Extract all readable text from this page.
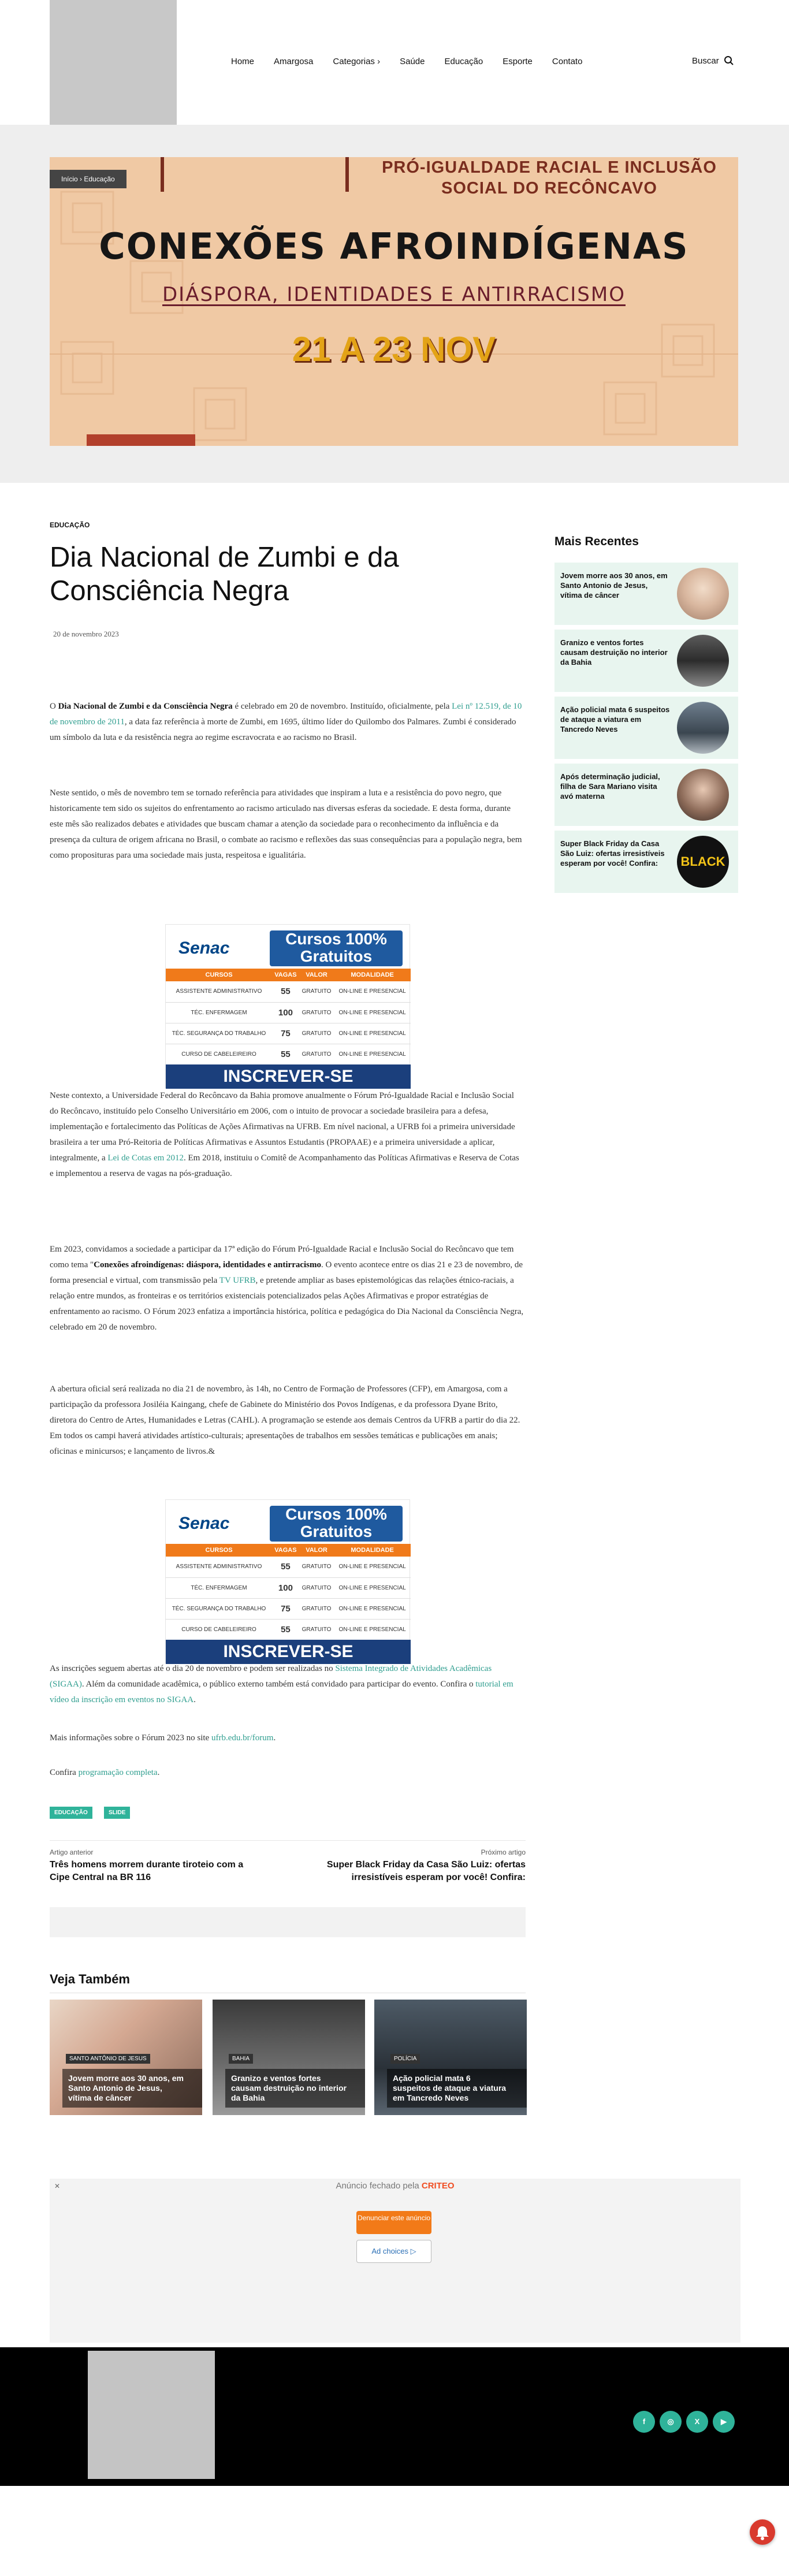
Home Amargosa Categorias › Saúde Educação Esporte Contato	Buscar
PRÓ-IGUALDADE RACIAL E INCLUSÃO SOCIAL DO RECÔNCAVO
CONEXÕES AFROINDÍGENAS
DIÁSPORA, IDENTIDADES E ANTIRRACISMO
21 A 23 NOV
Início › Educação
EDUCAÇÃO
Dia Nacional de Zumbi e da Consciência Negra
20 de novembro 2023

O Dia Nacional de Zumbi e da Consciência Negra é celebrado em 20 de novembro. Instituído, oficialmente, pela Lei nº 12.519, de 10 de novembro de 2011, a data faz referência à morte de Zumbi, em 1695, último líder do Quilombo dos Palmares. Zumbi é considerado um símbolo da luta e da resistência negra ao regime escravocrata e ao racismo no Brasil.

Neste sentido, o mês de novembro tem se tornado referência para atividades que inspiram a luta e a resistência do povo negro, que historicamente tem sido os sujeitos do enfrentamento ao racismo articulado nas diversas esferas da sociedade. E desta forma, durante este mês são realizados debates e atividades que buscam chamar a atenção da sociedade para o reconhecimento da influência e da presença da cultura de origem africana no Brasil, o combate ao racismo e reflexões das suas consequências para a população negra, bem como proposituras para uma sociedade mais justa, respeitosa e igualitária.

Senac	Cursos 100% Gratuitos
CURSOS	VAGAS	VALOR	MODALIDADE
ASSISTENTE ADMINISTRATIVO	55	GRATUITO	ON-LINE E PRESENCIAL
TÉC. ENFERMAGEM	100	GRATUITO	ON-LINE E PRESENCIAL
TÉC. SEGURANÇA DO TRABALHO	75	GRATUITO	ON-LINE E PRESENCIAL
CURSO DE CABELEIREIRO	55	GRATUITO	ON-LINE E PRESENCIAL
INSCREVER-SE

Neste contexto, a Universidade Federal do Recôncavo da Bahia promove anualmente o Fórum Pró-Igualdade Racial e Inclusão Social do Recôncavo, instituído pelo Conselho Universitário em 2006, com o intuito de provocar a sociedade brasileira para a defesa, implementação e fortalecimento das Políticas de Ações Afirmativas na UFRB. Em nível nacional, a UFRB foi a primeira universidade brasileira a ter uma Pró-Reitoria de Políticas Afirmativas e Assuntos Estudantis (PROPAAE) e a primeira universidade a aplicar, integralmente, a Lei de Cotas em 2012. Em 2018, instituiu o Comitê de Acompanhamento das Políticas Afirmativas e Reserva de Cotas e implementou a reserva de vagas na pós-graduação.

Em 2023, convidamos a sociedade a participar da 17ª edição do Fórum Pró-Igualdade Racial e Inclusão Social do Recôncavo que tem como tema "Conexões afroindígenas: diáspora, identidades e antirracismo. O evento acontece entre os dias 21 e 23 de novembro, de forma presencial e virtual, com transmissão pela TV UFRB, e pretende ampliar as bases epistemológicas das relações étnico-raciais, a relação entre mundos, as fronteiras e os territórios existenciais potencializados pelas Ações Afirmativas e propor estratégias de enfrentamento ao racismo. O Fórum 2023 enfatiza a importância histórica, política e pedagógica do Dia Nacional da Consciência Negra, celebrado em 20 de novembro.

A abertura oficial será realizada no dia 21 de novembro, às 14h, no Centro de Formação de Professores (CFP), em Amargosa, com a participação da professora Josiléia Kaingang, chefe de Gabinete do Ministério dos Povos Indígenas, e da professora Dyane Brito, diretora do Centro de Artes, Humanidades e Letras (CAHL). A programação se estende aos demais Centros da UFRB a partir do dia 22. Em todos os campi haverá atividades artístico-culturais; apresentações de trabalhos em sessões temáticas e publicações em anais; oficinas e minicursos; e lançamento de livros.&

Senac	Cursos 100% Gratuitos
CURSOS	VAGAS	VALOR	MODALIDADE
ASSISTENTE ADMINISTRATIVO	55	GRATUITO	ON-LINE E PRESENCIAL
TÉC. ENFERMAGEM	100	GRATUITO	ON-LINE E PRESENCIAL
TÉC. SEGURANÇA DO TRABALHO	75	GRATUITO	ON-LINE E PRESENCIAL
CURSO DE CABELEIREIRO	55	GRATUITO	ON-LINE E PRESENCIAL
INSCREVER-SE

As inscrições seguem abertas até o dia 20 de novembro e podem ser realizadas no Sistema Integrado de Atividades Acadêmicas (SIGAA). Além da comunidade acadêmica, o público externo também está convidado para participar do evento. Confira o tutorial em vídeo da inscrição em eventos no SIGAA.

Mais informações sobre o Fórum 2023 no site ufrb.edu.br/forum.

Confira programação completa.

EDUCAÇÃO	SLIDE
Artigo anterior
Três homens morrem durante tiroteio com a Cipe Central na BR 116
Próximo artigo
Super Black Friday da Casa São Luiz: ofertas irresistíveis esperam por você! Confira:
Veja Também
SANTO ANTÔNIO DE JESUS
Jovem morre aos 30 anos, em Santo Antonio de Jesus, vítima de câncer
BAHIA
Granizo e ventos fortes causam destruição no interior da Bahia
POLÍCIA
Ação policial mata 6 suspeitos de ataque a viatura em Tancredo Neves
✕	Anúncio fechado pela CRITEO
Denunciar este anúncio
Ad choices ▷
Mais Recentes
Jovem morre aos 30 anos, em Santo Antonio de Jesus, vítima de câncer
Granizo e ventos fortes causam destruição no interior da Bahia
Ação policial mata 6 suspeitos de ataque a viatura em Tancredo Neves
Após determinação judicial, filha de Sara Mariano visita avó materna
Super Black Friday da Casa São Luiz: ofertas irresistíveis esperam por você! Confira:	BLACK
f	◎	X	▶
